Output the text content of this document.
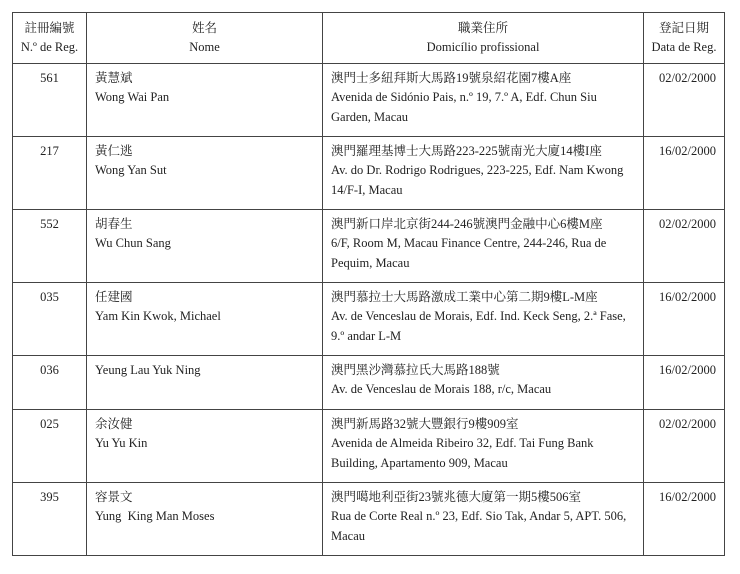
註冊編號
N.º de Reg.	姓名
Nome	職業住所
Domicílio profissional	登記日期
Data de Reg.

561	黃慧斌
Wong Wai Pan	澳門士多紐拜斯大馬路19號泉紹花園7樓A座
Avenida de Sidónio Pais, n.º 19, 7.º A, Edf. Chun Siu Garden, Macau	02/02/2000
217	黃仁逃
Wong Yan Sut	澳門羅理基博士大馬路223-225號南光大廈14樓I座
Av. do Dr. Rodrigo Rodrigues, 223-225, Edf. Nam Kwong 14/F-I, Macau	16/02/2000
552	胡春生
Wu Chun Sang	澳門新口岸北京街244-246號澳門金融中心6樓M座
6/F, Room M, Macau Finance Centre, 244-246, Rua de Pequim, Macau	02/02/2000
035	任建國
Yam Kin Kwok, Michael	澳門慕拉士大馬路激成工業中心第二期9樓L-M座
Av. de Venceslau de Morais, Edf. Ind. Keck Seng, 2.ª Fase, 9.º andar L-M	16/02/2000
036	Yeung Lau Yuk Ning	澳門黑沙灣慕拉氏大馬路188號
Av. de Venceslau de Morais 188, r/c, Macau	16/02/2000
025	余汝健
Yu Yu Kin	澳門新馬路32號大豐銀行9樓909室
Avenida de Almeida Ribeiro 32, Edf. Tai Fung Bank Building, Apartamento 909, Macau	02/02/2000
395	容景文
Yung  King Man Moses	澳門噶地利亞街23號兆德大廈第一期5樓506室
Rua de Corte Real n.º 23, Edf. Sio Tak, Andar 5, APT. 506, Macau	16/02/2000
